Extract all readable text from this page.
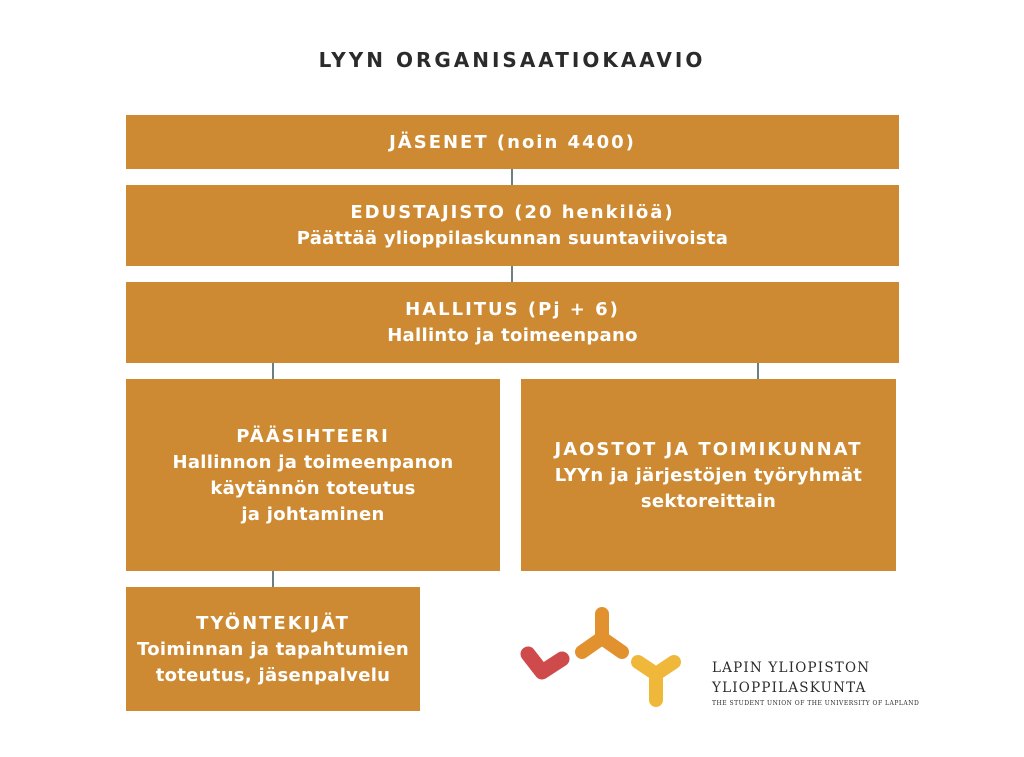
LYYN ORGANISAATIOKAAVIO
JÄSENET (noin 4400)
EDUSTAJISTO (20 henkilöä)
Päättää ylioppilaskunnan suuntaviivoista
HALLITUS (Pj + 6)
Hallinto ja toimeenpano
PÄÄSIHTEERI
Hallinnon ja toimeenpanon
käytännön toteutus
ja johtaminen
JAOSTOT JA TOIMIKUNNAT
LYYn ja järjestöjen työryhmät
sektoreittain
TYÖNTEKIJÄT
Toiminnan ja tapahtumien
toteutus, jäsenpalvelu	LAPIN YLIOPISTON
YLIOPPILASKUNTA
THE STUDENT UNION OF THE UNIVERSITY OF LAPLAND
